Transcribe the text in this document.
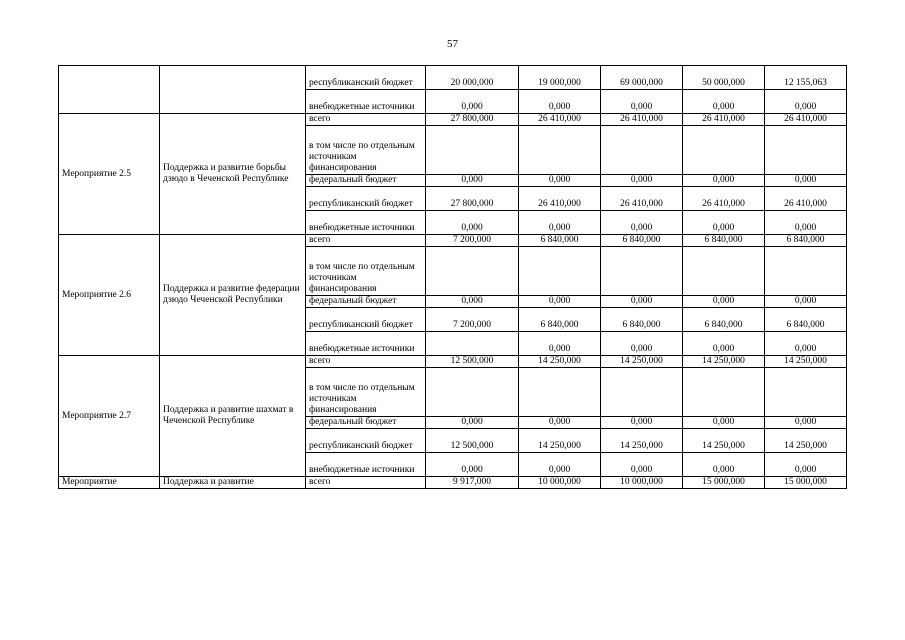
57
		республиканский бюджет	20 000,000	19 000,000	69 000,000	50 000,000	12 155,063
		внебюджетные источники	0,000	0,000	0,000	0,000	0,000
Мероприятие 2.5	Поддержка и развитие борьбы дзюдо в Чеченской Республике	всего	27 800,000	26 410,000	26 410,000	26 410,000	26 410,000
		в том числе по отдельным источникам финансирования					
		федеральный бюджет	0,000	0,000	0,000	0,000	0,000
		республиканский бюджет	27 800,000	26 410,000	26 410,000	26 410,000	26 410,000
		внебюджетные источники	0,000	0,000	0,000	0,000	0,000
Мероприятие 2.6	Поддержка и развитие федерации дзюдо Чеченской Республики	всего	7 200,000	6 840,000	6 840,000	6 840,000	6 840,000
		в том числе по отдельным источникам финансирования					
		федеральный бюджет	0,000	0,000	0,000	0,000	0,000
		республиканский бюджет	7 200,000	6 840,000	6 840,000	6 840,000	6 840,000
		внебюджетные источники		0,000	0,000	0,000	0,000
Мероприятие 2.7	Поддержка и развитие шахмат в Чеченской Республике	всего	12 500,000	14 250,000	14 250,000	14 250,000	14 250,000
		в том числе по отдельным источникам финансирования					
		федеральный бюджет	0,000	0,000	0,000	0,000	0,000
		республиканский бюджет	12 500,000	14 250,000	14 250,000	14 250,000	14 250,000
		внебюджетные источники	0,000	0,000	0,000	0,000	0,000
Мероприятие	Поддержка и развитие	всего	9 917,000	10 000,000	10 000,000	15 000,000	15 000,000
